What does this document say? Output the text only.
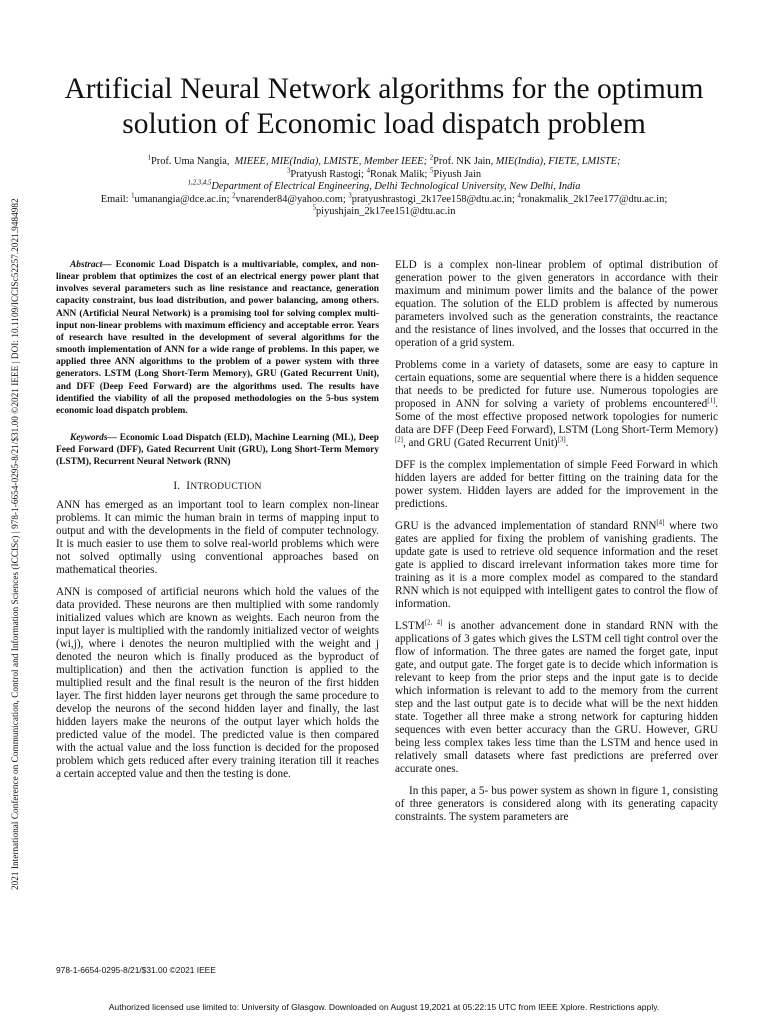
2021 International Conference on Communication, Control and Information Sciences (ICCISc) | 978-1-6654-0295-8/21/$31.00 ©2021 IEEE | DOI: 10.1109/ICCISc52257.2021.9484982
Artificial Neural Network algorithms for the optimum solution of Economic load dispatch problem
$^1$Prof. Uma Nangia, MIEEE, MIE(India), LMISTE, Member IEEE; $^2$Prof. NK Jain, MIE(India), FIETE, LMISTE;
$^3$Pratyush Rastogi; $^4$Ronak Malik; $^5$Piyush Jain
$^{1,2,3,4,5}$Department of Electrical Engineering, Delhi Technological University, New Delhi, India
Email: $^1$umanangia@dce.ac.in; $^2$vnarender84@yahoo.com; $^3$pratyushrastogi_2k17ee158@dtu.ac.in; $^4$ronakmalik_2k17ee177@dtu.ac.in;
$^5$piyushjain_2k17ee151@dtu.ac.in

Abstract— Economic Load Dispatch is a multivariable, complex, and non-linear problem that optimizes the cost of an electrical energy power plant that involves several parameters such as line resistance and reactance, generation capacity constraint, bus load distribution, and power balancing, among others. ANN (Artificial Neural Network) is a promising tool for solving complex multi-input non-linear problems with maximum efficiency and acceptable error. Years of research have resulted in the development of several algorithms for the smooth implementation of ANN for a wide range of problems. In this paper, we applied three ANN algorithms to the problem of a power system with three generators. LSTM (Long Short-Term Memory), GRU (Gated Recurrent Unit), and DFF (Deep Feed Forward) are the algorithms used. The results have identified the viability of all the proposed methodologies on the 5-bus system economic load dispatch problem.

Keywords— Economic Load Dispatch (ELD), Machine Learning (ML), Deep Feed Forward (DFF), Gated Recurrent Unit (GRU), Long Short-Term Memory (LSTM), Recurrent Neural Network (RNN)

I. INTRODUCTION

ANN has emerged as an important tool to learn complex non-linear problems. It can mimic the human brain in terms of mapping input to output and with the developments in the field of computer technology. It is much easier to use them to solve real-world problems which were not solved optimally using conventional approaches based on mathematical theories.

ANN is composed of artificial neurons which hold the values of the data provided. These neurons are then multiplied with some randomly initialized values which are known as weights. Each neuron from the input layer is multiplied with the randomly initialized vector of weights (wi,j), where i denotes the neuron multiplied with the weight and j denoted the neuron which is finally produced as the byproduct of multiplication) and then the activation function is applied to the multiplied result and the final result is the neuron of the first hidden layer. The first hidden layer neurons get through the same procedure to develop the neurons of the second hidden layer and finally, the last hidden layers make the neurons of the output layer which holds the predicted value of the model. The predicted value is then compared with the actual value and the loss function is decided for the proposed problem which gets reduced after every training iteration till it reaches a certain accepted value and then the testing is done.

ELD is a complex non-linear problem of optimal distribution of generation power to the given generators in accordance with their maximum and minimum power limits and the balance of the power equation. The solution of the ELD problem is affected by numerous parameters involved such as the generation constraints, the reactance and the resistance of lines involved, and the losses that occurred in the operation of a grid system.

Problems come in a variety of datasets, some are easy to capture in certain equations, some are sequential where there is a hidden sequence that needs to be predicted for future use. Numerous topologies are proposed in ANN for solving a variety of problems encountered[1]. Some of the most effective proposed network topologies for numeric data are DFF (Deep Feed Forward), LSTM (Long Short-Term Memory)[2], and GRU (Gated Recurrent Unit)[3].

DFF is the complex implementation of simple Feed Forward in which hidden layers are added for better fitting on the training data for the power system. Hidden layers are added for the improvement in the predictions.

GRU is the advanced implementation of standard RNN[4] where two gates are applied for fixing the problem of vanishing gradients. The update gate is used to retrieve old sequence information and the reset gate is applied to discard irrelevant information takes more time for training as it is a more complex model as compared to the standard RNN which is not equipped with intelligent gates to control the flow of information.

LSTM[2, 4] is another advancement done in standard RNN with the applications of 3 gates which gives the LSTM cell tight control over the flow of information. The three gates are named the forget gate, input gate, and output gate. The forget gate is to decide which information is relevant to keep from the prior steps and the input gate is to decide which information is relevant to add to the memory from the current step and the last output gate is to decide what will be the next hidden state. Together all three make a strong network for capturing hidden sequences with even better accuracy than the GRU. However, GRU being less complex takes less time than the LSTM and hence used in relatively small datasets where fast predictions are preferred over accurate ones.

In this paper, a 5- bus power system as shown in figure 1, consisting of three generators is considered along with its generating capacity constraints. The system parameters are

978-1-6654-0295-8/21/$31.00 ©2021 IEEE
Authorized licensed use limited to: University of Glasgow. Downloaded on August 19,2021 at 05:22:15 UTC from IEEE Xplore. Restrictions apply.
